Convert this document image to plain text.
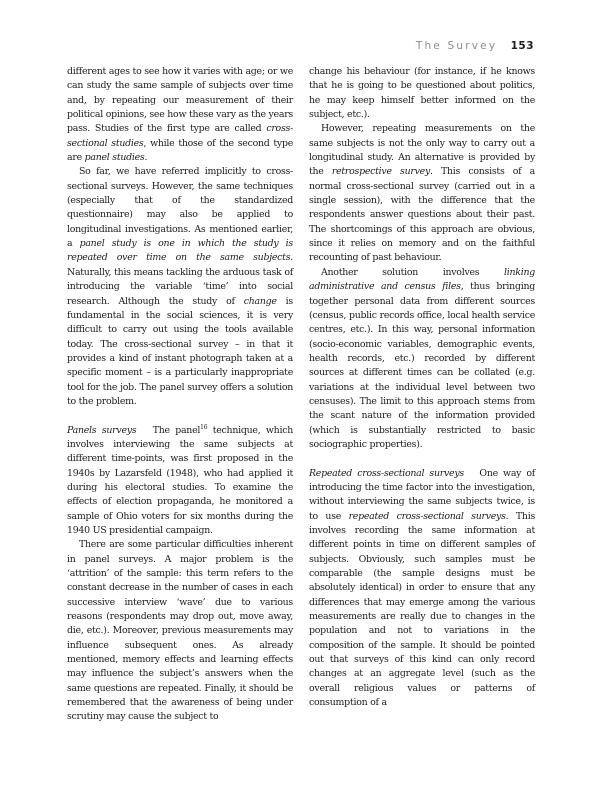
The Survey 153

different ages to see how it varies with age; or we can study the same sample of subjects over time and, by repeating our measurement of their political opinions, see how these vary as the years pass. Studies of the first type are called cross-sectional studies, while those of the second type are panel studies.

So far, we have referred implicitly to cross-sectional surveys. However, the same techniques (especially that of the standardized questionnaire) may also be applied to longitudinal investigations. As mentioned earlier, a panel study is one in which the study is repeated over time on the same subjects. Naturally, this means tackling the arduous task of introducing the variable ‘time’ into social research. Although the study of change is fundamental in the social sciences, it is very difficult to carry out using the tools available today. The cross-sectional survey – in that it provides a kind of instant photograph taken at a specific moment – is a particularly inappropriate tool for the job. The panel survey offers a solution to the problem.

Panels surveys The panel$^{16}$ technique, which involves interviewing the same subjects at different time-points, was first proposed in the 1940s by Lazarsfeld (1948), who had applied it during his electoral studies. To examine the effects of election propaganda, he monitored a sample of Ohio voters for six months during the 1940 US presidential campaign.

There are some particular difficulties inherent in panel surveys. A major problem is the ‘attrition’ of the sample: this term refers to the constant decrease in the number of cases in each successive interview ‘wave’ due to various reasons (respondents may drop out, move away, die, etc.). Moreover, previous measurements may influence subsequent ones. As already mentioned, memory effects and learning effects may influence the subject’s answers when the same questions are repeated. Finally, it should be remembered that the awareness of being under scrutiny may cause the subject to

change his behaviour (for instance, if he knows that he is going to be questioned about politics, he may keep himself better informed on the subject, etc.).

However, repeating measurements on the same subjects is not the only way to carry out a longitudinal study. An alternative is provided by the retrospective survey. This consists of a normal cross-sectional survey (carried out in a single session), with the difference that the respondents answer questions about their past. The shortcomings of this approach are obvious, since it relies on memory and on the faithful recounting of past behaviour.

Another solution involves linking administrative and census files, thus bringing together personal data from different sources (census, public records office, local health service centres, etc.). In this way, personal information (socio-economic variables, demographic events, health records, etc.) recorded by different sources at different times can be collated (e.g. variations at the individual level between two censuses). The limit to this approach stems from the scant nature of the information provided (which is substantially restricted to basic sociographic properties).

Repeated cross-sectional surveys One way of introducing the time factor into the investigation, without interviewing the same subjects twice, is to use repeated cross-sectional surveys. This involves recording the same information at different points in time on different samples of subjects. Obviously, such samples must be comparable (the sample designs must be absolutely identical) in order to ensure that any differences that may emerge among the various measurements are really due to changes in the population and not to variations in the composition of the sample. It should be pointed out that surveys of this kind can only record changes at an aggregate level (such as the overall religious values or patterns of consumption of a
